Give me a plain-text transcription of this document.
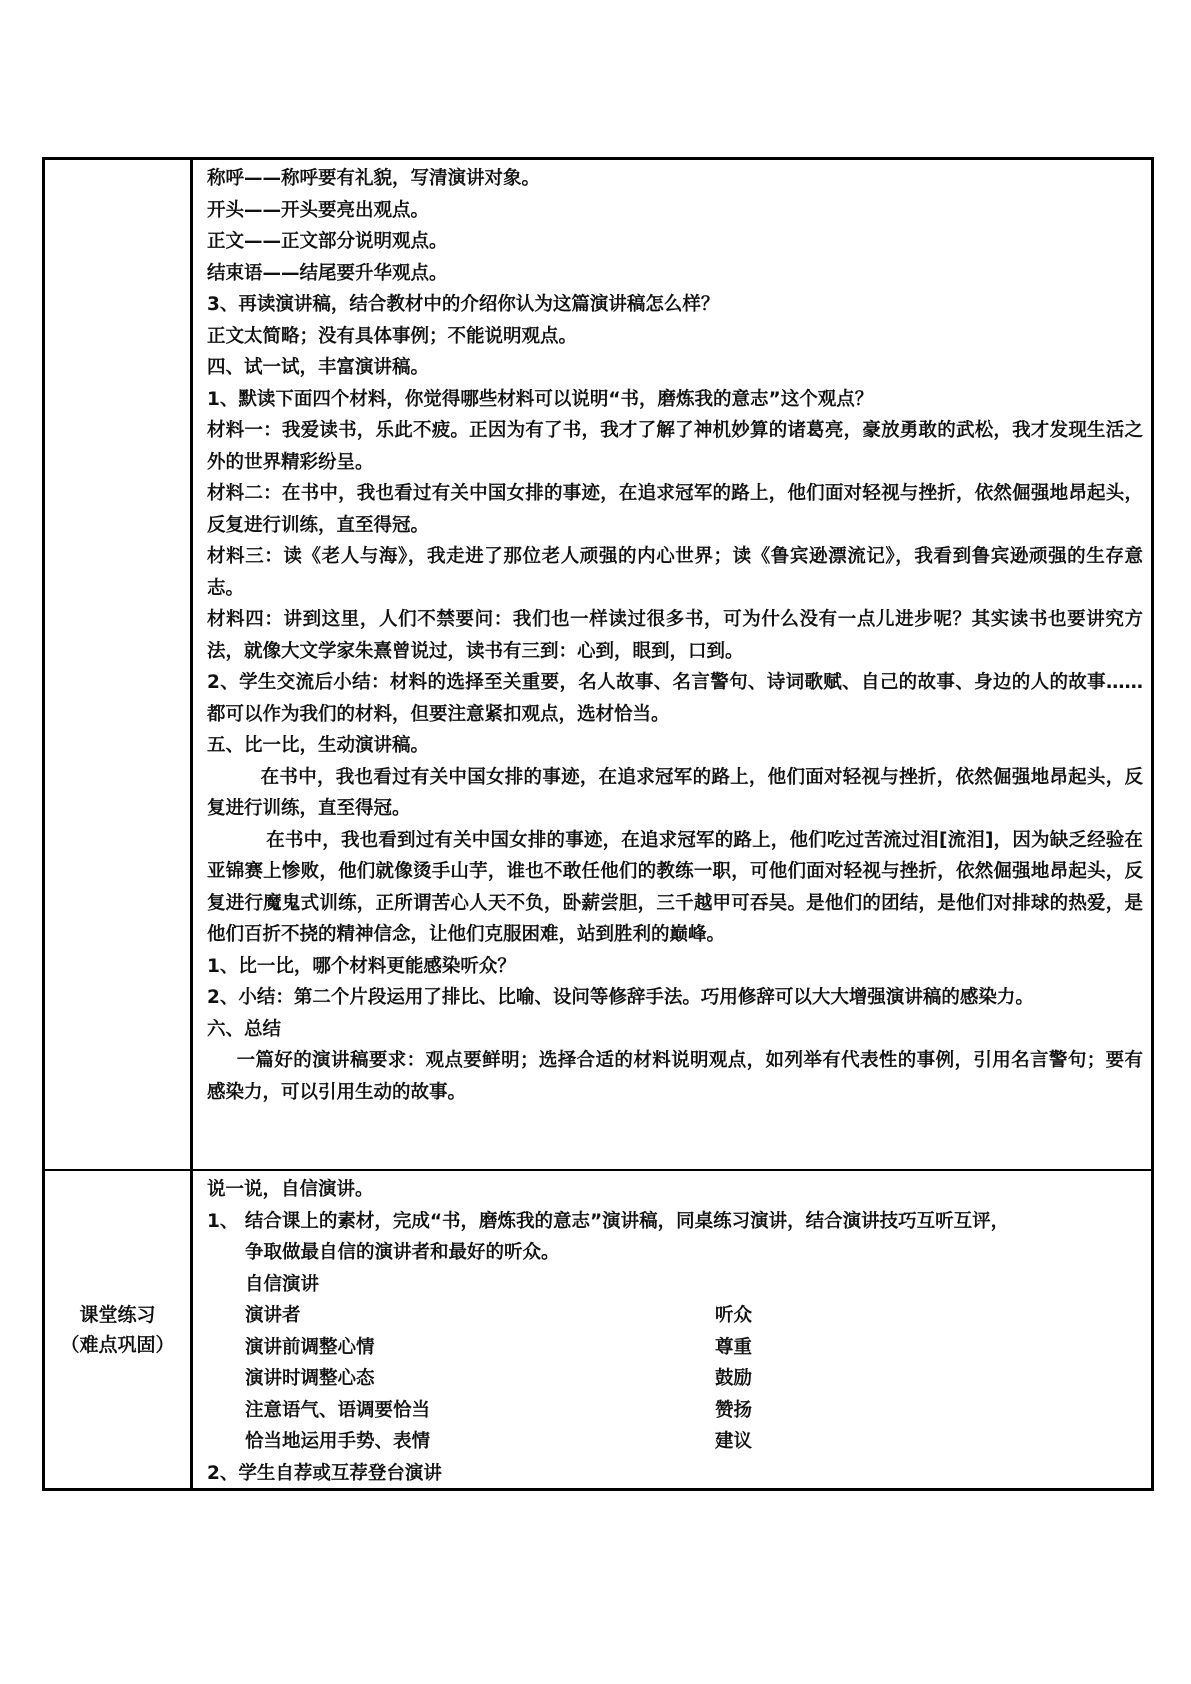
称呼——称呼要有礼貌，写清演讲对象。
开头——开头要亮出观点。
正文——正文部分说明观点。
结束语——结尾要升华观点。
3、再读演讲稿，结合教材中的介绍你认为这篇演讲稿怎么样？
正文太简略；没有具体事例；不能说明观点。
四、试一试，丰富演讲稿。
1、默读下面四个材料，你觉得哪些材料可以说明“书，磨炼我的意志”这个观点？
材料一：我爱读书，乐此不疲。正因为有了书，我才了解了神机妙算的诸葛亮，豪放勇敢的武松，我才发现生活之外的世界精彩纷呈。
材料二：在书中，我也看过有关中国女排的事迹，在追求冠军的路上，他们面对轻视与挫折，依然倔强地昂起头，反复进行训练，直至得冠。
材料三：读《老人与海》，我走进了那位老人顽强的内心世界；读《鲁宾逊漂流记》，我看到鲁宾逊顽强的生存意志。
材料四：讲到这里，人们不禁要问：我们也一样读过很多书，可为什么没有一点儿进步呢？其实读书也要讲究方法，就像大文学家朱熹曾说过，读书有三到：心到，眼到，口到。
2、学生交流后小结：材料的选择至关重要，名人故事、名言警句、诗词歌赋、自己的故事、身边的人的故事……都可以作为我们的材料，但要注意紧扣观点，选材恰当。
五、比一比，生动演讲稿。
在书中，我也看过有关中国女排的事迹，在追求冠军的路上，他们面对轻视与挫折，依然倔强地昂起头，反复进行训练，直至得冠。
在书中，我也看到过有关中国女排的事迹，在追求冠军的路上，他们吃过苦流过泪[流泪]，因为缺乏经验在亚锦赛上惨败，他们就像烫手山芋，谁也不敢任他们的教练一职，可他们面对轻视与挫折，依然倔强地昂起头，反复进行魔鬼式训练，正所谓苦心人天不负，卧薪尝胆，三千越甲可吞吴。是他们的团结，是他们对排球的热爱，是他们百折不挠的精神信念，让他们克服困难，站到胜利的巅峰。
1、比一比，哪个材料更能感染听众？
2、小结：第二个片段运用了排比、比喻、设问等修辞手法。巧用修辞可以大大增强演讲稿的感染力。
六、总结
一篇好的演讲稿要求：观点要鲜明；选择合适的材料说明观点，如列举有代表性的事例，引用名言警句；要有感染力，可以引用生动的故事。
课堂练习
（难点巩固）
说一说，自信演讲。
1、 结合课上的素材，完成“书，磨炼我的意志”演讲稿，同桌练习演讲，结合演讲技巧互听互评，
争取做最自信的演讲者和最好的听众。
自信演讲
演讲者	听众
演讲前调整心情	尊重
演讲时调整心态	鼓励
注意语气、语调要恰当	赞扬
恰当地运用手势、表情	建议
2、学生自荐或互荐登台演讲
